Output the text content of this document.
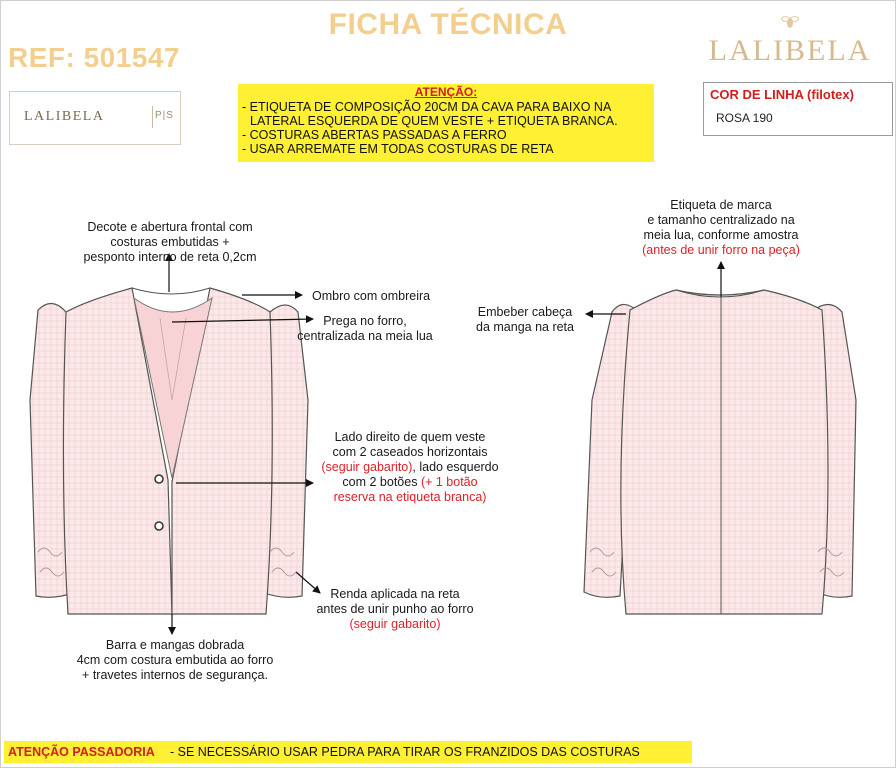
FICHA TÉCNICA
REF: 501547	LALIBELA
LALIBELA	P|S
ATENÇÃO:
- ETIQUETA DE COMPOSIÇÃO 20CM DA CAVA PARA BAIXO NA
LATERAL ESQUERDA DE QUEM VESTE + ETIQUETA BRANCA.
- COSTURAS ABERTAS PASSADAS A FERRO
- USAR ARREMATE EM TODAS COSTURAS DE RETA
COR DE LINHA (filotex)
ROSA 190
Decote e abertura frontal com
costuras embutidas +
pesponto interno de reta 0,2cm
Ombro com ombreira
Prega no forro,
centralizada na meia lua
Lado direito de quem veste
com 2 caseados horizontais
(seguir gabarito), lado esquerdo
com 2 botões (+ 1 botão
reserva na etiqueta branca)
Renda aplicada na reta
antes de unir punho ao forro
(seguir gabarito)
Barra e mangas dobrada
4cm com costura embutida ao forro
+ travetes internos de segurança.
Etiqueta de marca
e tamanho centralizado na
meia lua, conforme amostra
(antes de unir forro na peça)
Embeber cabeça
da manga na reta
ATENÇÃO PASSADORIA - SE NECESSÁRIO USAR PEDRA PARA TIRAR OS FRANZIDOS DAS COSTURAS
